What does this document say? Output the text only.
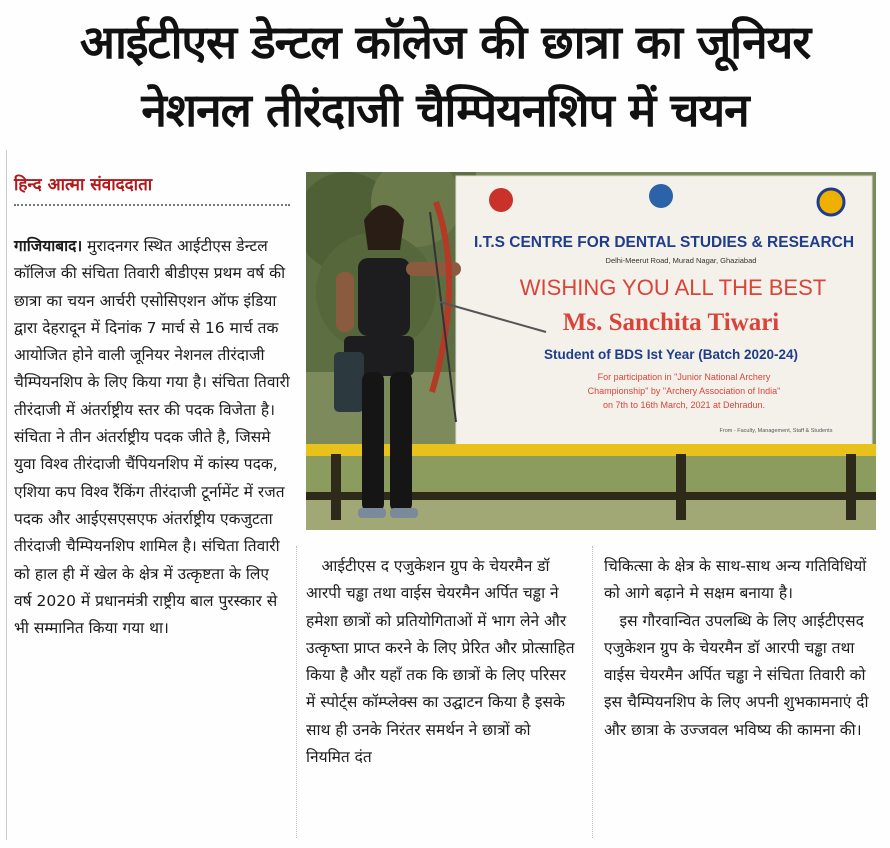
आईटीएस डेन्टल कॉलेज की छात्रा का जूनियर
नेशनल तीरंदाजी चैम्पियनशिप में चयन
हिन्द आत्मा संवाददाता

गाजियाबाद। मुरादनगर स्थित आईटीएस डेन्टल कॉलिज की संचिता तिवारी बीडीएस प्रथम वर्ष की छात्रा का चयन आर्चरी एसोसिएशन ऑफ इंडिया द्वारा देहरादून में दिनांक 7 मार्च से 16 मार्च तक आयोजित होने वाली जूनियर नेशनल तीरंदाजी चैम्पियनशिप के लिए किया गया है। संचिता तिवारी तीरंदाजी में अंतर्राष्ट्रीय स्तर की पदक विजेता है। संचिता ने तीन अंतर्राष्ट्रीय पदक जीते है, जिसमे युवा विश्व तीरंदाजी चैंपियनशिप में कांस्य पदक, एशिया कप विश्व रैंकिंग तीरंदाजी टूर्नामेंट में रजत पदक और आईएसएसएफ अंतर्राष्ट्रीय एकजुटता तीरंदाजी चैम्पियनशिप शामिल है। संचिता तिवारी को हाल ही में खेल के क्षेत्र में उत्कृष्टता के लिए वर्ष 2020 में प्रधानमंत्री राष्ट्रीय बाल पुरस्कार से भी सम्मानित किया गया था।

I.T.S CENTRE FOR DENTAL STUDIES & RESEARCH
Delhi-Meerut Road, Murad Nagar, Ghaziabad
WISHING YOU ALL THE BEST
Ms. Sanchita Tiwari
Student of BDS Ist Year (Batch 2020-24)
For participation in "Junior National Archery
Championship" by "Archery Association of India"
on 7th to 16th March, 2021 at Dehradun.
From - Faculty, Management, Staff & Students

आईटीएस द एजुकेशन ग्रुप के चेयरमैन डॉ आरपी चड्ढा तथा वाईस चेयरमैन अर्पित चड्ढा ने हमेशा छात्रों को प्रतियोगिताओं में भाग लेने और उत्कृष्ता प्राप्त करने के लिए प्रेरित और प्रोत्साहित किया है और यहाँ तक कि छात्रों के लिए परिसर में स्पोर्ट्स कॉम्प्लेक्स का उद्घाटन किया है इसके साथ ही उनके निरंतर समर्थन ने छात्रों को नियमित दंत

चिकित्सा के क्षेत्र के साथ-साथ अन्य गतिविधियों को आगे बढ़ाने मे सक्षम बनाया है।

इस गौरवान्वित उपलब्धि के लिए आईटीएसद एजुकेशन ग्रुप के चेयरमैन डॉ आरपी चड्ढा तथा वाईस चेयरमैन अर्पित चड्ढा ने संचिता तिवारी को इस चैम्पियनशिप के लिए अपनी शुभकामनाएं दी और छात्रा के उज्जवल भविष्य की कामना की।
